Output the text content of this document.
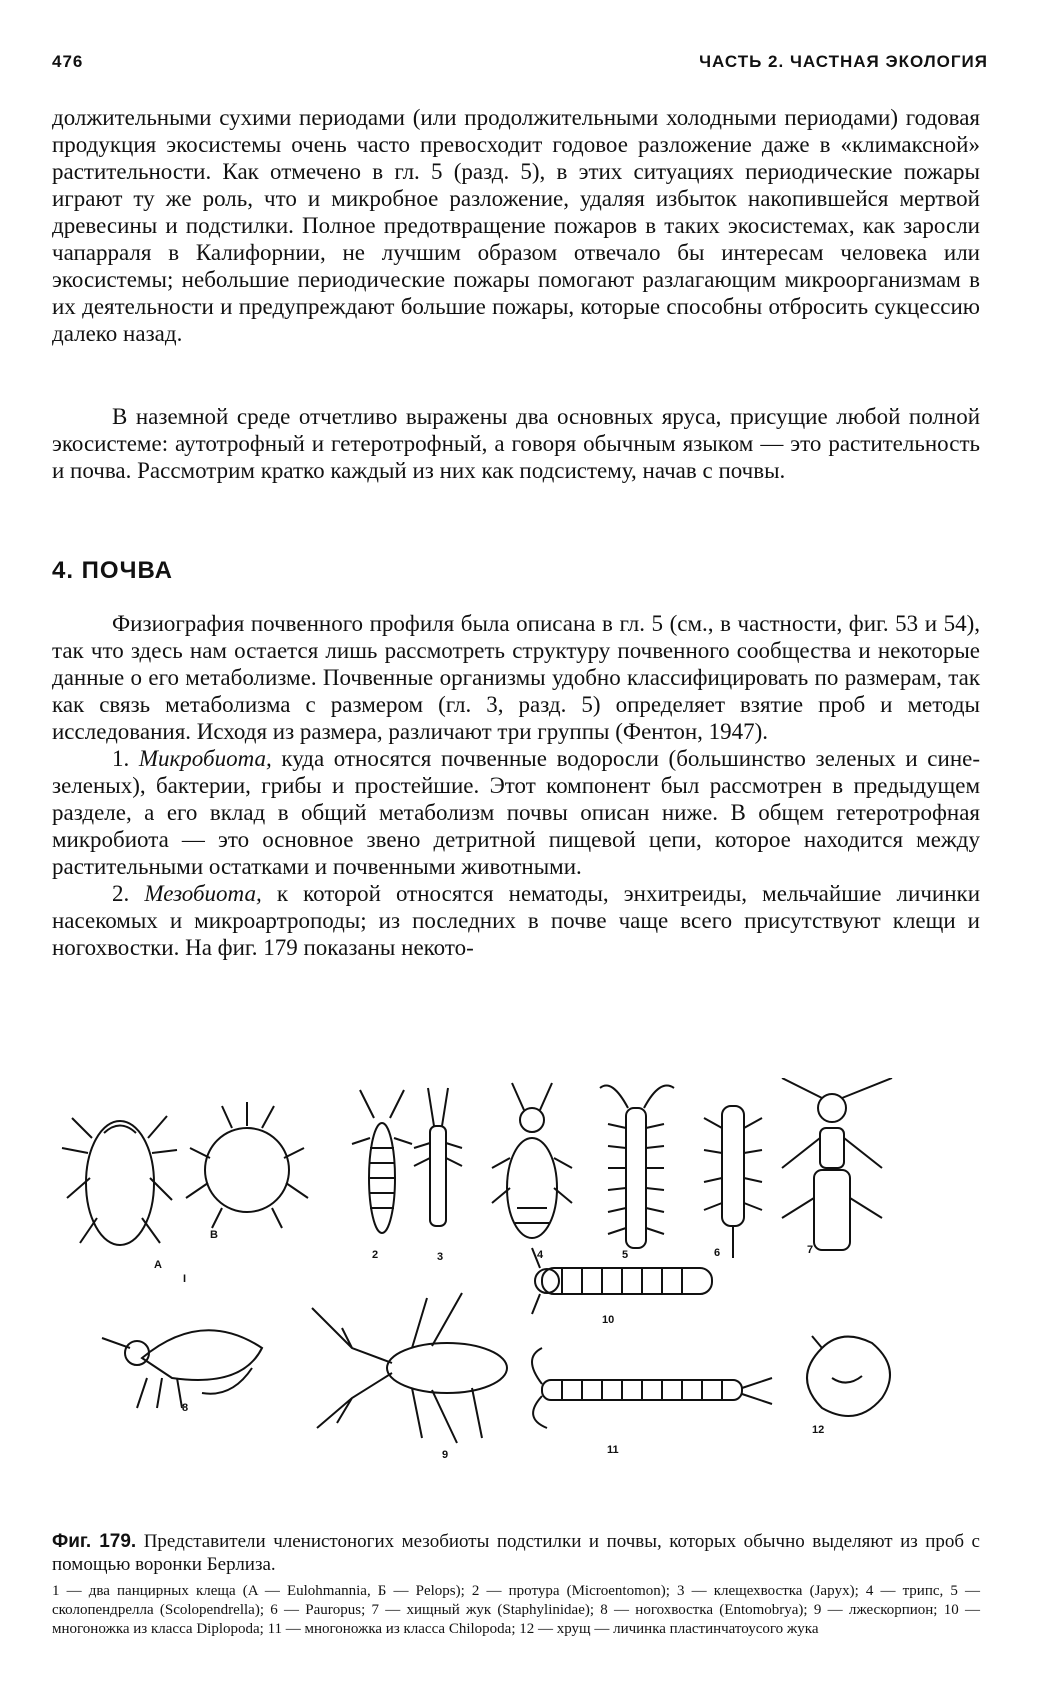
476	ЧАСТЬ 2. ЧАСТНАЯ ЭКОЛОГИЯ

должительными сухими периодами (или продолжительными холодными периодами) годовая продукция экосистемы очень часто превосходит годовое разложение даже в «климаксной» растительности. Как отмечено в гл. 5 (разд. 5), в этих ситуациях периодические пожары играют ту же роль, что и микробное разложение, удаляя избыток накопившейся мертвой древесины и подстилки. Полное предотвращение пожаров в таких экосистемах, как заросли чапарраля в Калифорнии, не лучшим образом отвечало бы интересам человека или экосистемы; небольшие периодические пожары помогают разлагающим микроорганизмам в их деятельности и предупреждают большие пожары, которые способны отбросить сукцессию далеко назад.

В наземной среде отчетливо выражены два основных яруса, присущие любой полной экосистеме: аутотрофный и гетеротрофный, а говоря обычным языком — это растительность и почва. Рассмотрим кратко каждый из них как подсистему, начав с почвы.

4. ПОЧВА

Физиография почвенного профиля была описана в гл. 5 (см., в частности, фиг. 53 и 54), так что здесь нам остается лишь рассмотреть структуру почвенного сообщества и некоторые данные о его метаболизме. Почвенные организмы удобно классифицировать по размерам, так как связь метаболизма с размером (гл. 3, разд. 5) определяет взятие проб и методы исследования. Исходя из размера, различают три группы (Фентон, 1947).

1. Микробиота, куда относятся почвенные водоросли (большинство зеленых и сине-зеленых), бактерии, грибы и простейшие. Этот компонент был рассмотрен в предыдущем разделе, а его вклад в общий метаболизм почвы описан ниже. В общем гетеротрофная микробиота — это основное звено детритной пищевой цепи, которое находится между растительными остатками и почвенными животными.

2. Мезобиота, к которой относятся нематоды, энхитреиды, мельчайшие личинки насекомых и микроартроподы; из последних в почве чаще всего присутствуют клещи и ногохвостки. На фиг. 179 показаны некото-

A
B
I
2	3	4	5	6	7
8
9
10
11
12
Фиг. 179. Представители членистоногих мезобиоты подстилки и почвы, которых обычно выделяют из проб с помощью воронки Берлиза.
1 — два панцирных клеща (A — Eulohmannia, Б — Pelops); 2 — протура (Microentomon); 3 — клещехвостка (Japyx); 4 — трипс, 5 — сколопендрелла (Scolopendrella); 6 — Pauropus; 7 — хищный жук (Staphylinidae); 8 — ногохвостка (Entomobrya); 9 — лжескорпион; 10 — многоножка из класса Diplopoda; 11 — многоножка из класса Chilopoda; 12 — хрущ — личинка пластинчатоусого жука
